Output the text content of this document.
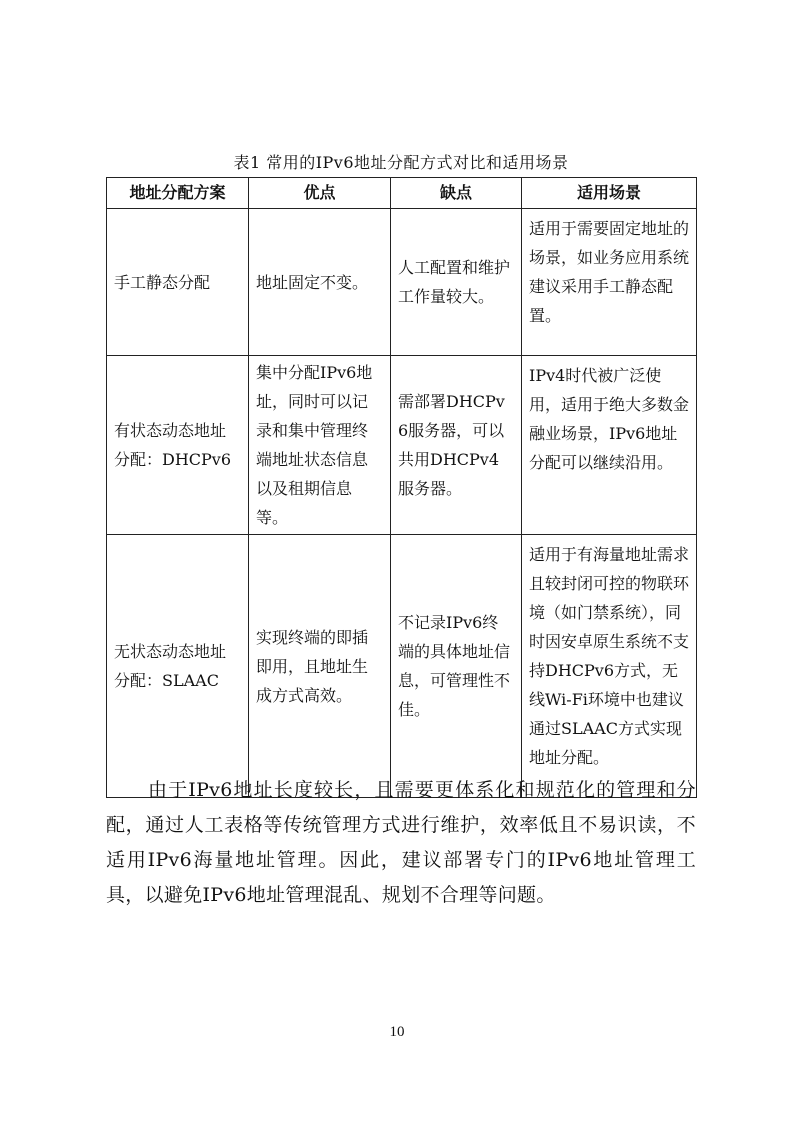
表1 常用的IPv6地址分配方式对比和适用场景
地址分配方案	优点	缺点	适用场景
手工静态分配	地址固定不变。	人工配置和维护工作量较大。	适用于需要固定地址的场景，如业务应用系统建议采用手工静态配置。
有状态动态地址分配：DHCPv6	集中分配IPv6地址，同时可以记录和集中管理终端地址状态信息以及租期信息等。	需部署DHCPv6服务器，可以共用DHCPv4服务器。	IPv4时代被广泛使用，适用于绝大多数金融业场景，IPv6地址分配可以继续沿用。
无状态动态地址分配：SLAAC	实现终端的即插即用，且地址生成方式高效。	不记录IPv6终端的具体地址信息，可管理性不佳。	适用于有海量地址需求且较封闭可控的物联环境（如门禁系统），同时因安卓原生系统不支持DHCPv6方式，无线Wi-Fi环境中也建议通过SLAAC方式实现地址分配。

由于IPv6地址长度较长，且需要更体系化和规范化的管理和分配，通过人工表格等传统管理方式进行维护，效率低且不易识读，不适用IPv6海量地址管理。因此，建议部署专门的IPv6地址管理工具，以避免IPv6地址管理混乱、规划不合理等问题。

10
